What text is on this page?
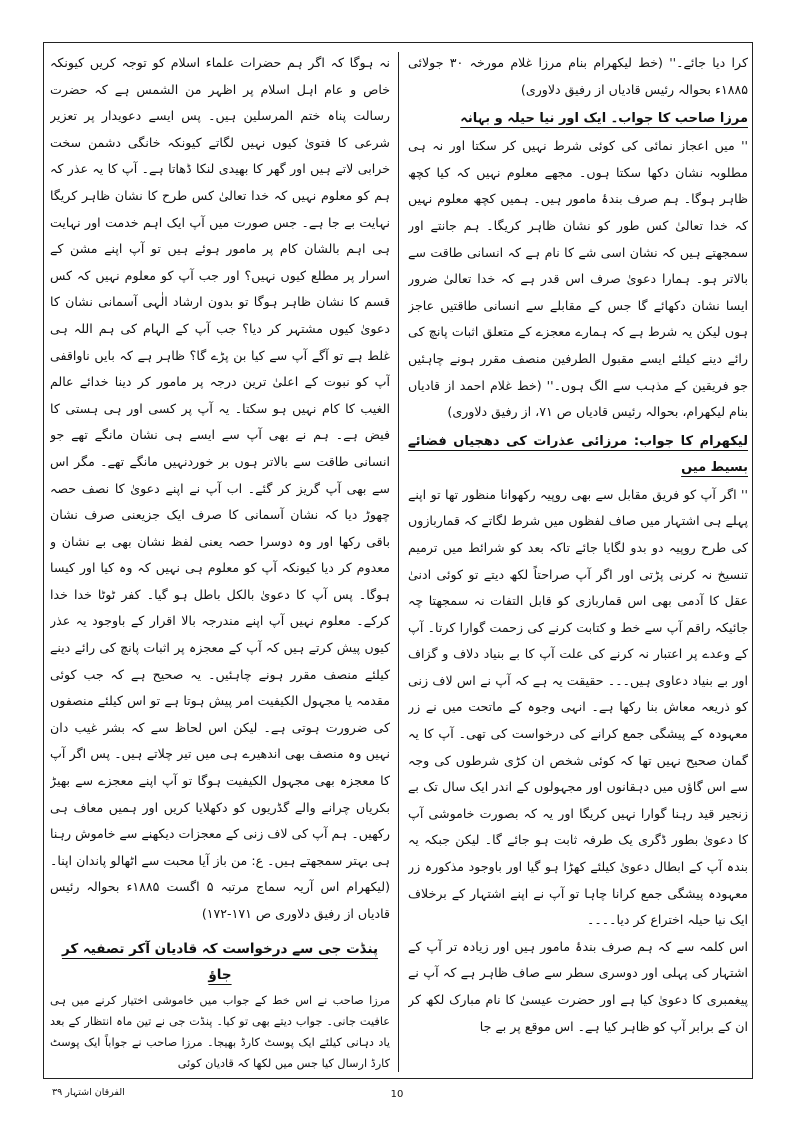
کرا دیا جائے۔'' (خط لیکھرام بنام مرزا غلام مورخہ ۳۰ جولائی ۱۸۸۵ء بحوالہ رئیس قادیاں از رفیق دلاوری)

مرزا صاحب کا جواب۔ ایک اور نیا حیلہ و بہانہ

'' میں اعجاز نمائی کی کوئی شرط نہیں کر سکتا اور نہ ہی مطلوبہ نشان دکھا سکتا ہوں۔ مجھے معلوم نہیں کہ کیا کچھ ظاہر ہوگا۔ ہم صرف بندۂ مامور ہیں۔ ہمیں کچھ معلوم نہیں کہ خدا تعالیٰ کس طور کو نشان ظاہر کریگا۔ ہم جانتے اور سمجھتے ہیں کہ نشان اسی شے کا نام ہے کہ انسانی طاقت سے بالاتر ہو۔ ہمارا دعویٰ صرف اس قدر ہے کہ خدا تعالیٰ ضرور ایسا نشان دکھائے گا جس کے مقابلے سے انسانی طاقتیں عاجز ہوں لیکن یہ شرط ہے کہ ہمارے معجزے کے متعلق اثبات پانچ کی رائے دینے کیلئے ایسے مقبول الطرفین منصف مقرر ہونے چاہئیں جو فریقین کے مذہب سے الگ ہوں۔'' (خط غلام احمد از قادیاں بنام لیکھرام، بحوالہ رئیس قادیاں ص ۷۱، از رفیق دلاوری)

لیکھرام کا جواب: مرزائی عذرات کی دھجیاں فضائے بسیط میں

'' اگر آپ کو فریق مقابل سے بھی روپیہ رکھوانا منظور تھا تو اپنے پہلے ہی اشتہار میں صاف لفظوں میں شرط لگاتے کہ قماربازوں کی طرح روپیہ دو بدو لگایا جائے تاکہ بعد کو شرائط میں ترمیم تنسیخ نہ کرنی پڑتی اور اگر آپ صراحتاً لکھ دیتے تو کوئی ادنیٰ عقل کا آدمی بھی اس قماربازی کو قابل التفات نہ سمجھتا چہ جائیکہ راقم آپ سے خط و کتابت کرنے کی زحمت گوارا کرتا۔ آپ کے وعدے پر اعتبار نہ کرنے کی علت آپ کا بے بنیاد دلاف و گزاف اور بے بنیاد دعاوی ہیں۔۔۔ حقیقت یہ ہے کہ آپ نے اس لاف زنی کو ذریعہ معاش بنا رکھا ہے۔ انہی وجوہ کے ماتحت میں نے زر معہودہ کے پیشگی جمع کرانے کی درخواست کی تھی۔ آپ کا یہ گمان صحیح نہیں تھا کہ کوئی شخص ان کڑی شرطوں کی وجہ سے اس گاؤں میں دہقانوں اور مجہولوں کے اندر ایک سال تک بے زنجیر قید رہنا گوارا نہیں کریگا اور یہ کہ بصورت خاموشی آپ کا دعویٰ بطور ڈگری یک طرفہ ثابت ہو جائے گا۔ لیکن جبکہ یہ بندہ آپ کے ابطال دعویٰ کیلئے کھڑا ہو گیا اور باوجود مذکورہ زر معہودہ پیشگی جمع کرانا چاہا تو آپ نے اپنے اشتہار کے برخلاف ایک نیا حیلہ اختراع کر دیا۔۔۔۔

اس کلمہ سے کہ ہم صرف بندۂ مامور ہیں اور زیادہ تر آپ کے اشتہار کی پہلی اور دوسری سطر سے صاف ظاہر ہے کہ آپ نے پیغمبری کا دعویٰ کیا ہے اور حضرت عیسیٰ کا نام مبارک لکھ کر ان کے برابر آپ کو ظاہر کیا ہے۔ اس موقع پر بے جا

نہ ہوگا کہ اگر ہم حضرات علماء اسلام کو توجہ کریں کیونکہ خاص و عام اہل اسلام پر اظہر من الشمس ہے کہ حضرت رسالت پناہ ختم المرسلین ہیں۔ پس ایسے دعویدار پر تعزیر شرعی کا فتویٰ کیوں نہیں لگاتے کیونکہ خانگی دشمن سخت خرابی لاتے ہیں اور گھر کا بھیدی لنکا ڈھاتا ہے۔ آپ کا یہ عذر کہ ہم کو معلوم نہیں کہ خدا تعالیٰ کس طرح کا نشان ظاہر کریگا نہایت بے جا ہے۔ جس صورت میں آپ ایک اہم خدمت اور نہایت ہی اہم بالشان کام پر مامور ہوئے ہیں تو آپ اپنے مشن کے اسرار پر مطلع کیوں نہیں؟ اور جب آپ کو معلوم نہیں کہ کس قسم کا نشان ظاہر ہوگا تو بدون ارشاد الٰہی آسمانی نشان کا دعویٰ کیوں مشتہر کر دیا؟ جب آپ کے الہام کی ہم اللہ ہی غلط ہے تو آگے آپ سے کیا بن پڑے گا؟ ظاہر ہے کہ بایں ناواقفی آپ کو نبوت کے اعلیٰ ترین درجہ پر مامور کر دینا خدائے عالم الغیب کا کام نہیں ہو سکتا۔ یہ آپ پر کسی اور ہی ہستی کا فیض ہے۔ ہم نے بھی آپ سے ایسے ہی نشان مانگے تھے جو انسانی طاقت سے بالاتر ہوں بر خوردنہیں مانگے تھے۔ مگر اس سے بھی آپ گریز کر گئے۔ اب آپ نے اپنے دعویٰ کا نصف حصہ چھوڑ دیا کہ نشان آسمانی کا صرف ایک جزیعنی صرف نشان باقی رکھا اور وہ دوسرا حصہ یعنی لفظ نشان بھی بے نشان و معدوم کر دیا کیونکہ آپ کو معلوم ہی نہیں کہ وہ کیا اور کیسا ہوگا۔ پس آپ کا دعویٰ بالکل باطل ہو گیا۔ کفر ٹوٹا خدا خدا کرکے۔ معلوم نہیں آپ اپنے مندرجہ بالا اقرار کے باوجود یہ عذر کیوں پیش کرتے ہیں کہ آپ کے معجزہ پر اثبات پانچ کی رائے دینے کیلئے منصف مقرر ہونے چاہئیں۔ یہ صحیح ہے کہ جب کوئی مقدمہ یا مجہول الکیفیت امر پیش ہوتا ہے تو اس کیلئے منصفوں کی ضرورت ہوتی ہے۔ لیکن اس لحاظ سے کہ بشر غیب دان نہیں وہ منصف بھی اندھیرے ہی میں تیر چلاتے ہیں۔ پس اگر آپ کا معجزہ بھی مجہول الکیفیت ہوگا تو آپ اپنے معجزے سے بھیڑ بکریاں چرانے والے گڈریوں کو دکھلایا کریں اور ہمیں معاف ہی رکھیں۔ ہم آپ کی لاف زنی کے معجزات دیکھنے سے خاموش رہنا ہی بہتر سمجھتے ہیں۔ ع: من باز آیا محبت سے اٹھالو پاندان اپنا۔ (لیکھرام اس آریہ سماج مرتبہ ۵ اگست ۱۸۸۵ء بحوالہ رئیس قادیاں از رفیق دلاوری ص ۱۷۱-۱۷۲)

پنڈت جی سے درخواست کہ قادیان آکر تصفیہ کر جاؤ

مرزا صاحب نے اس خط کے جواب میں خاموشی اختیار کرنے میں ہی عافیت جانی۔ جواب دیتے بھی تو کیا۔ پنڈت جی نے تین ماہ انتظار کے بعد یاد دہانی کیلئے ایک پوسٹ کارڈ بھیجا۔ مرزا صاحب نے جواباً ایک پوسٹ کارڈ ارسال کیا جس میں لکھا کہ قادیان کوئی

الفرقان اشتہار ۳۹	10
